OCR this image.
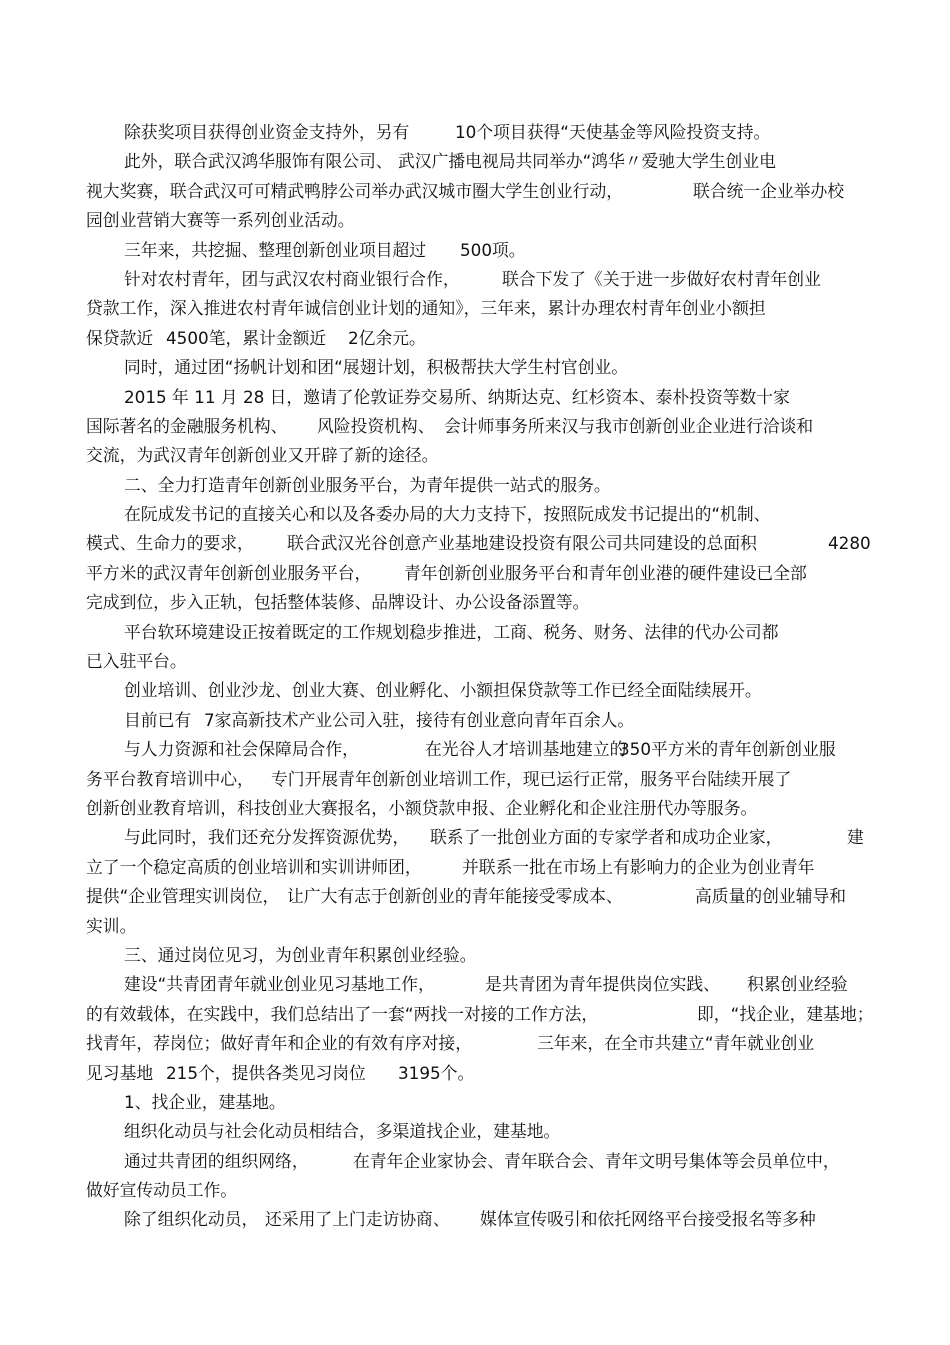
除获奖项目获得创业资金支持外，另有	10个项目获得“天使基金等风险投资支持。
此外，联合武汉鸿华服饰有限公司、 武汉广播电视局共同举办“鸿华〃爱驰大学生创业电
视大奖赛，联合武汉可可精武鸭脖公司举办武汉城市圈大学生创业行动，	联合统一企业举办校
园创业营销大赛等一系列创业活动。
三年来，共挖掘、整理创新创业项目超过 500项。
针对农村青年，团与武汉农村商业银行合作，	联合下发了《关于进一步做好农村青年创业
贷款工作，深入推进农村青年诚信创业计划的通知》，三年来，累计办理农村青年创业小额担
保贷款近 4500笔，累计金额近 2亿余元。
同时，通过团“扬帆计划和团“展翅计划，积极帮扶大学生村官创业。
2015 年 11 月 28 日，邀请了伦敦证券交易所、纳斯达克、红杉资本、泰朴投资等数十家
国际著名的金融服务机构、 风险投资机构、 会计师事务所来汉与我市创新创业企业进行洽谈和
交流，为武汉青年创新创业又开辟了新的途径。
二、全力打造青年创新创业服务平台，为青年提供一站式的服务。
在阮成发书记的直接关心和以及各委办局的大力支持下，按照阮成发书记提出的“机制、
模式、生命力的要求， 联合武汉光谷创意产业基地建设投资有限公司共同建设的总面积	4280
平方米的武汉青年创新创业服务平台， 青年创新创业服务平台和青年创业港的硬件建设已全部
完成到位，步入正轨，包括整体装修、品牌设计、办公设备添置等。
平台软环境建设正按着既定的工作规划稳步推进，工商、税务、财务、法律的代办公司都
已入驻平台。
创业培训、创业沙龙、创业大赛、创业孵化、小额担保贷款等工作已经全面陆续展开。
目前已有 7家高新技术产业公司入驻，接待有创业意向青年百余人。
与人力资源和社会保障局合作，	在光谷人才培训基地建立的
350平方米的青年创新创业服
务平台教育培训中心， 专门开展青年创新创业培训工作，现已运行正常，服务平台陆续开展了
创新创业教育培训，科技创业大赛报名，小额贷款申报、企业孵化和企业注册代办等服务。
与此同时，我们还充分发挥资源优势， 联系了一批创业方面的专家学者和成功企业家，	建
立了一个稳定高质的创业培训和实训讲师团， 并联系一批在市场上有影响力的企业为创业青年
提供“企业管理实训岗位， 让广大有志于创新创业的青年能接受零成本、	高质量的创业辅导和
实训。
三、通过岗位见习，为创业青年积累创业经验。
建设“共青团青年就业创业见习基地工作，	是共青团为青年提供岗位实践、 积累创业经验
的有效载体，在实践中，我们总结出了一套“两找一对接的工作方法，	即，“找企业，建基地；
找青年，荐岗位；做好青年和企业的有效有序对接，	三年来，在全市共建立“青年就业创业
见习基地 215个，提供各类见习岗位 3195个。
1、找企业，建基地。
组织化动员与社会化动员相结合，多渠道找企业，建基地。
通过共青团的组织网络，	在青年企业家协会、青年联合会、青年文明号集体等会员单位中，
做好宣传动员工作。
除了组织化动员， 还采用了上门走访协商、 媒体宣传吸引和依托网络平台接受报名等多种
